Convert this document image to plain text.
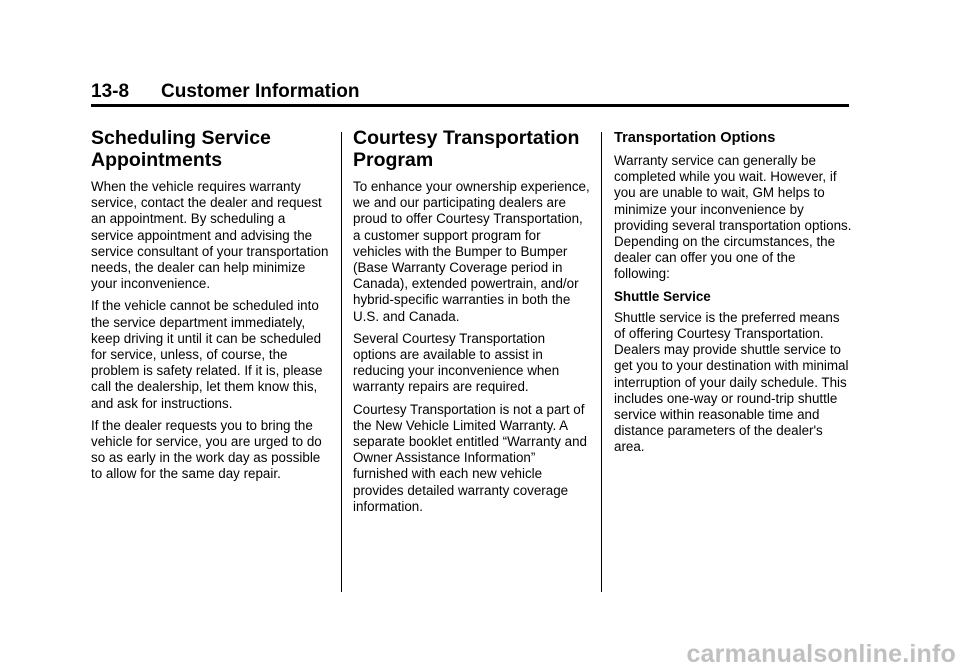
13-8 Customer Information
Scheduling Service Appointments

When the vehicle requires warranty service, contact the dealer and request an appointment. By scheduling a service appointment and advising the service consultant of your transportation needs, the dealer can help minimize your inconvenience.

If the vehicle cannot be scheduled into the service department immediately, keep driving it until it can be scheduled for service, unless, of course, the problem is safety related. If it is, please call the dealership, let them know this, and ask for instructions.

If the dealer requests you to bring the vehicle for service, you are urged to do so as early in the work day as possible to allow for the same day repair.

Courtesy Transportation Program

To enhance your ownership experience, we and our participating dealers are proud to offer Courtesy Transportation, a customer support program for vehicles with the Bumper to Bumper (Base Warranty Coverage period in Canada), extended powertrain, and/or hybrid-specific warranties in both the U.S. and Canada.

Several Courtesy Transportation options are available to assist in reducing your inconvenience when warranty repairs are required.

Courtesy Transportation is not a part of the New Vehicle Limited Warranty. A separate booklet entitled “Warranty and Owner Assistance Information” furnished with each new vehicle provides detailed warranty coverage information.

Transportation Options

Warranty service can generally be completed while you wait. However, if you are unable to wait, GM helps to minimize your inconvenience by providing several transportation options. Depending on the circumstances, the dealer can offer you one of the following:

Shuttle Service

Shuttle service is the preferred means of offering Courtesy Transportation. Dealers may provide shuttle service to get you to your destination with minimal interruption of your daily schedule. This includes one-way or round-trip shuttle service within reasonable time and distance parameters of the dealer's area.

carmanualsonline.info
